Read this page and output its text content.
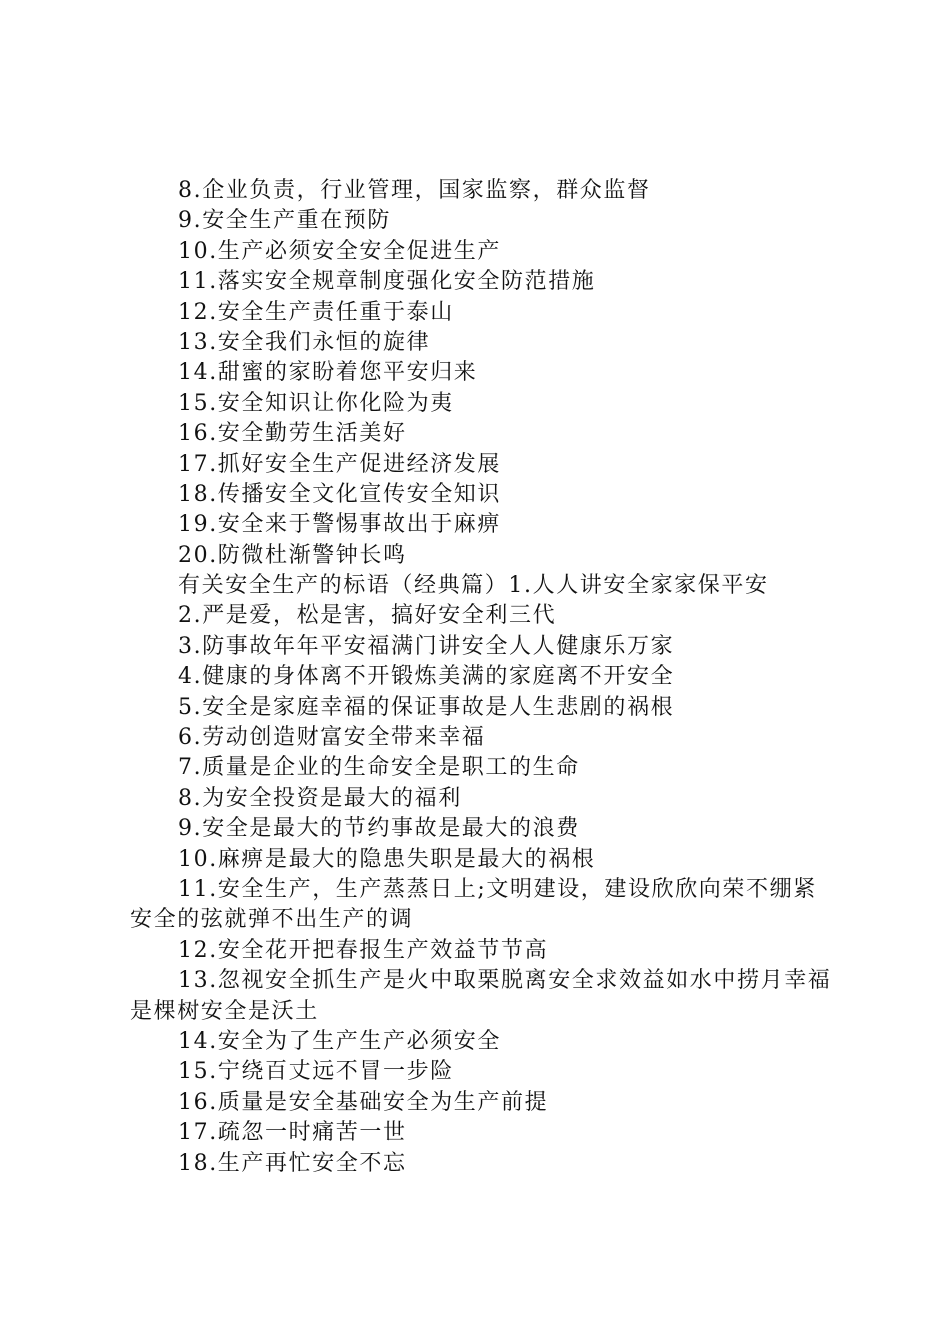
8.企业负责，行业管理，国家监察，群众监督
9.安全生产重在预防
10.生产必须安全安全促进生产
11.落实安全规章制度强化安全防范措施
12.安全生产责任重于泰山
13.安全我们永恒的旋律
14.甜蜜的家盼着您平安归来
15.安全知识让你化险为夷
16.安全勤劳生活美好
17.抓好安全生产促进经济发展
18.传播安全文化宣传安全知识
19.安全来于警惕事故出于麻痹
20.防微杜渐警钟长鸣
有关安全生产的标语（经典篇）1.人人讲安全家家保平安
2.严是爱，松是害，搞好安全利三代
3.防事故年年平安福满门讲安全人人健康乐万家
4.健康的身体离不开锻炼美满的家庭离不开安全
5.安全是家庭幸福的保证事故是人生悲剧的祸根
6.劳动创造财富安全带来幸福
7.质量是企业的生命安全是职工的生命
8.为安全投资是最大的福利
9.安全是最大的节约事故是最大的浪费
10.麻痹是最大的隐患失职是最大的祸根
11.安全生产，生产蒸蒸日上;文明建设，建设欣欣向荣不绷紧安全的弦就弹不出生产的调
12.安全花开把春报生产效益节节高
13.忽视安全抓生产是火中取栗脱离安全求效益如水中捞月幸福是棵树安全是沃土
14.安全为了生产生产必须安全
15.宁绕百丈远不冒一步险
16.质量是安全基础安全为生产前提
17.疏忽一时痛苦一世
18.生产再忙安全不忘
